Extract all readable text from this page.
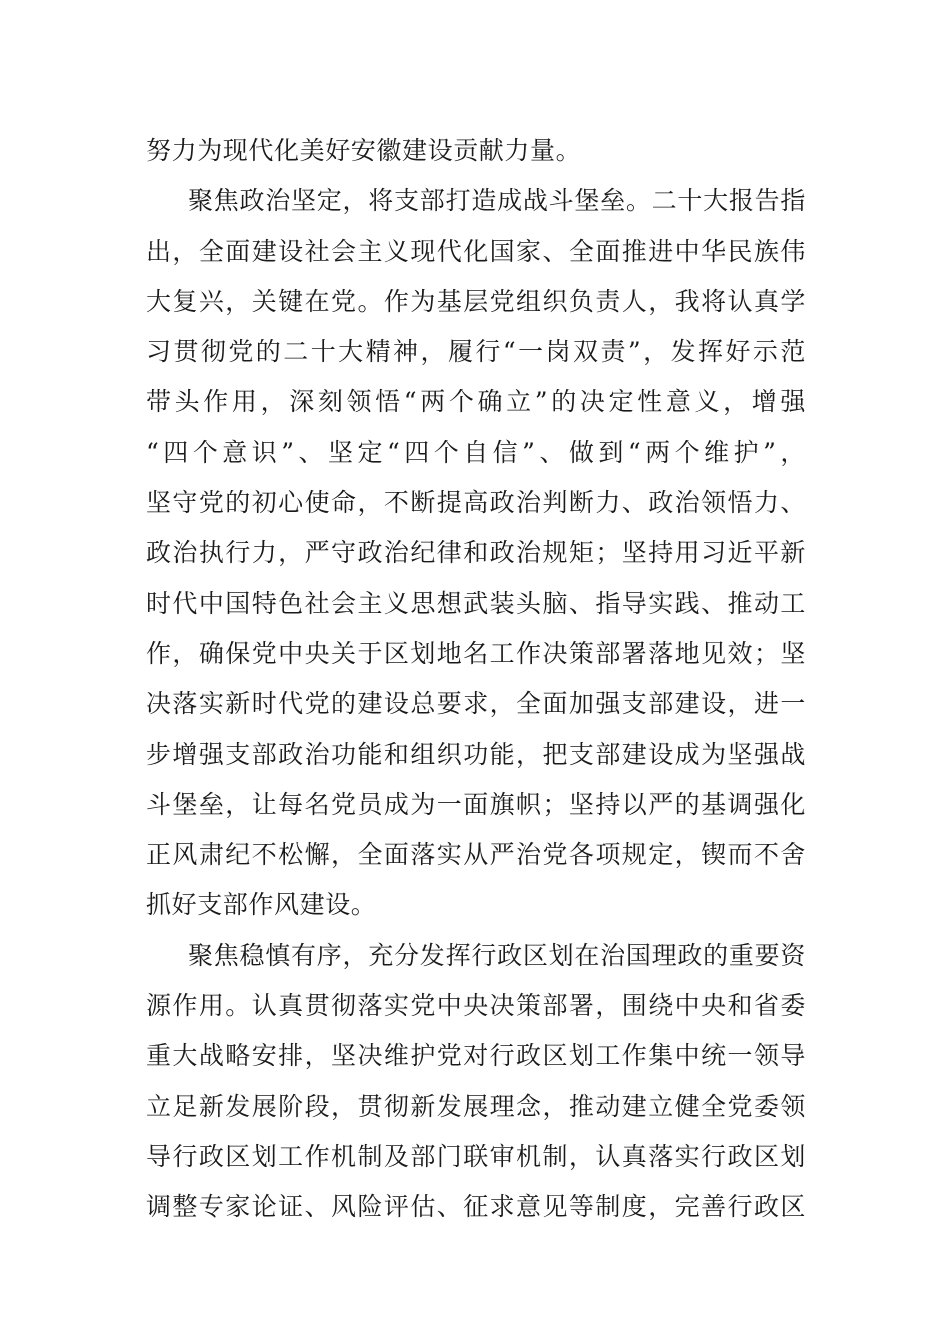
努力为现代化美好安徽建设贡献力量。
聚焦政治坚定，将支部打造成战斗堡垒。二十大报告指
出，全面建设社会主义现代化国家、全面推进中华民族伟
大复兴，关键在党。作为基层党组织负责人，我将认真学
习贯彻党的二十大精神，履行“一岗双责”，发挥好示范
带头作用，深刻领悟“两个确立”的决定性意义，增强
“四个意识”、坚定“四个自信”、做到“两个维护”，
坚守党的初心使命，不断提高政治判断力、政治领悟力、
政治执行力，严守政治纪律和政治规矩；坚持用习近平新
时代中国特色社会主义思想武装头脑、指导实践、推动工
作，确保党中央关于区划地名工作决策部署落地见效；坚
决落实新时代党的建设总要求，全面加强支部建设，进一
步增强支部政治功能和组织功能，把支部建设成为坚强战
斗堡垒，让每名党员成为一面旗帜；坚持以严的基调强化
正风肃纪不松懈，全面落实从严治党各项规定，锲而不舍
抓好支部作风建设。
聚焦稳慎有序，充分发挥行政区划在治国理政的重要资
源作用。认真贯彻落实党中央决策部署，围绕中央和省委
重大战略安排，坚决维护党对行政区划工作集中统一领导
立足新发展阶段，贯彻新发展理念，推动建立健全党委领
导行政区划工作机制及部门联审机制，认真落实行政区划
调整专家论证、风险评估、征求意见等制度，完善行政区
